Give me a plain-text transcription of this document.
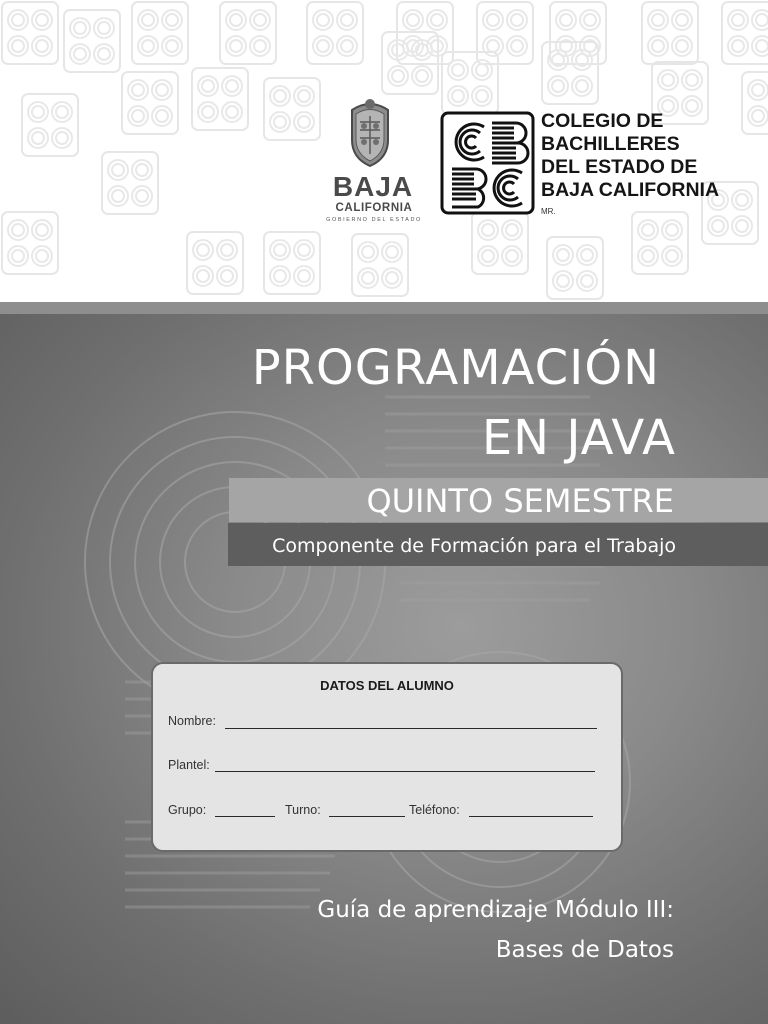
BAJA
CALIFORNIA
GOBIERNO DEL ESTADO
COLEGIO DE
BACHILLERES
DEL ESTADO DE
BAJA CALIFORNIA
MR.
PROGRAMACIÓN
EN JAVA
QUINTO SEMESTRE
Componente de Formación para el Trabajo
DATOS DEL ALUMNO
Nombre:
Plantel:
Grupo:	Turno:	Teléfono:
Guía de aprendizaje Módulo III:
Bases de Datos
